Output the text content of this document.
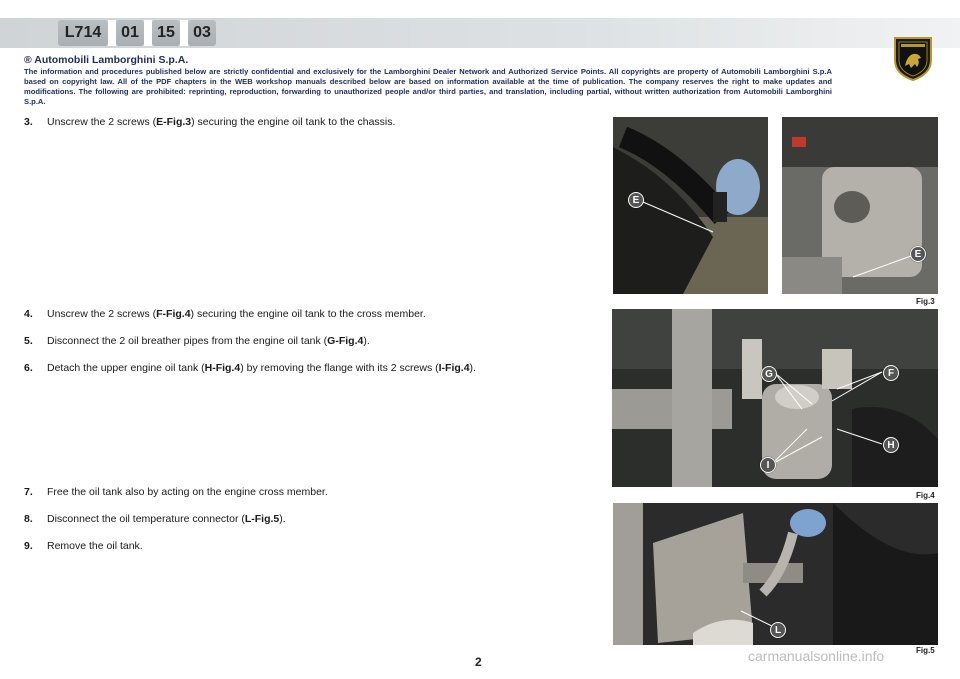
L714	01	15	03
® Automobili Lamborghini S.p.A.
The information and procedures published below are strictly confidential and exclusively for the Lamborghini Dealer Network and Authorized Service Points. All copyrights are property of Automobili Lamborghini S.p.A based on copyright law. All of the PDF chapters in the WEB workshop manuals described below are based on information available at the time of publication. The company reserves the right to make updates and modifications. The following are prohibited: reprinting, reproduction, forwarding to unauthorized people and/or third parties, and translation, including partial, without written authorization from Automobili Lamborghini S.p.A.
3.	Unscrew the 2 screws (E-Fig.3) securing the engine oil tank to the chassis.
4.	Unscrew the 2 screws (F-Fig.4) securing the engine oil tank to the cross member.
5.	Disconnect the 2 oil breather pipes from the engine oil tank (G-Fig.4).
6.	Detach the upper engine oil tank (H-Fig.4) by removing the flange with its 2 screws (I-Fig.4).
7.	Free the oil tank also by acting on the engine cross member.
8.	Disconnect the oil temperature connector (L-Fig.5).
9.	Remove the oil tank.
E
E
Fig.3
G	F
H
I
Fig.4
L
Fig.5
2	carmanualsonline.info
